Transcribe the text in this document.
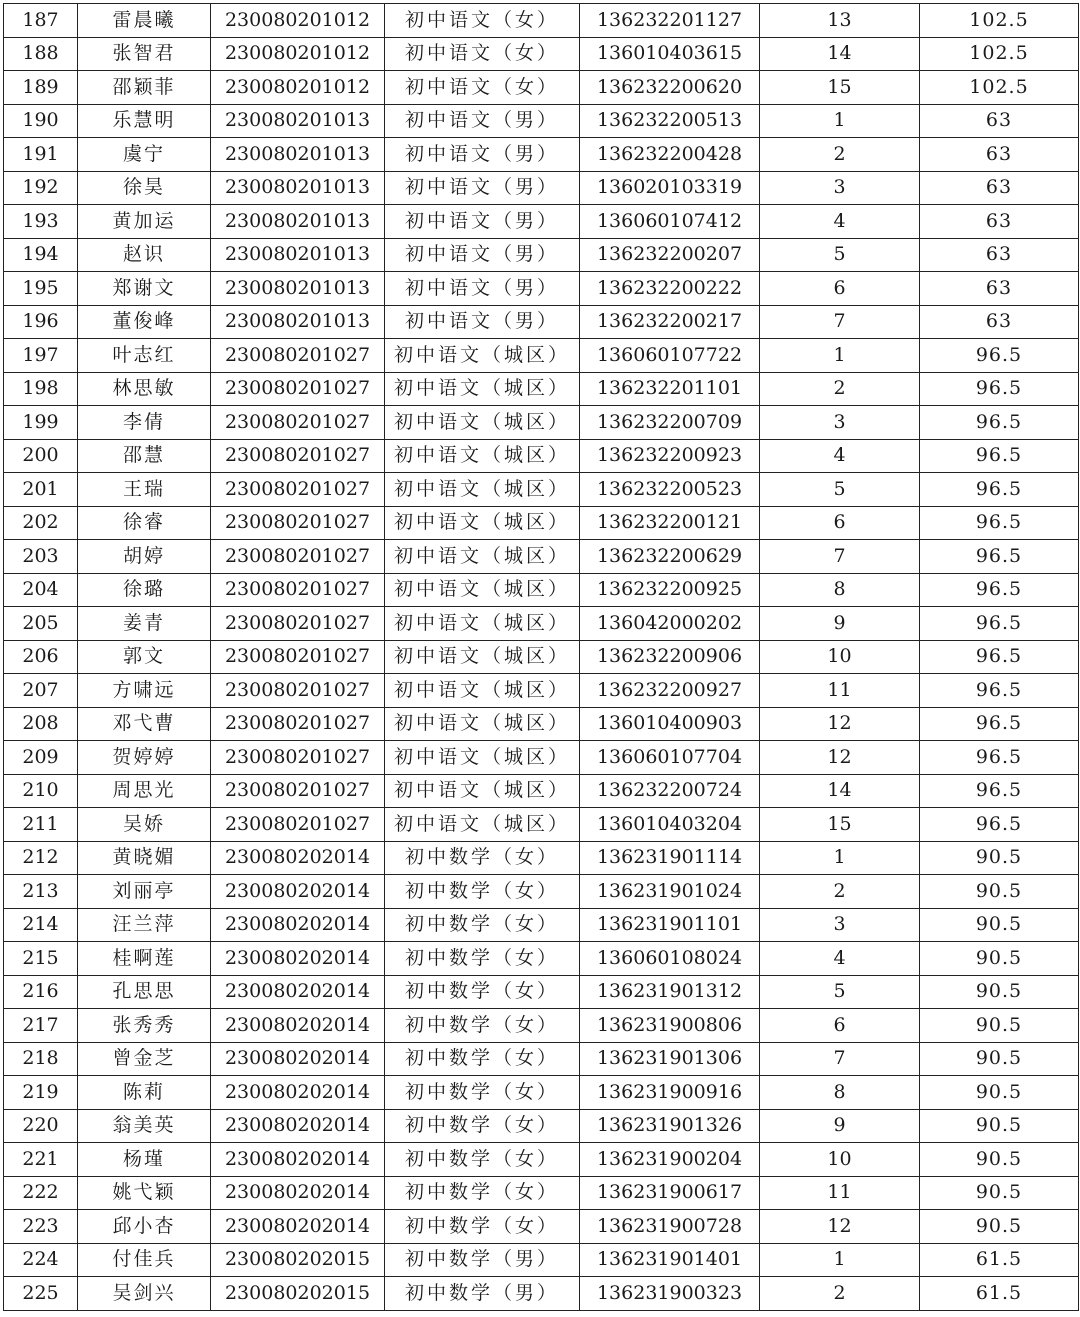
187	雷晨曦	230080201012	初中语文（女）	136232201127	13	102.5
188	张智君	230080201012	初中语文（女）	136010403615	14	102.5
189	邵颖菲	230080201012	初中语文（女）	136232200620	15	102.5
190	乐慧明	230080201013	初中语文（男）	136232200513	1	63
191	虞宁	230080201013	初中语文（男）	136232200428	2	63
192	徐昊	230080201013	初中语文（男）	136020103319	3	63
193	黄加运	230080201013	初中语文（男）	136060107412	4	63
194	赵识	230080201013	初中语文（男）	136232200207	5	63
195	郑谢文	230080201013	初中语文（男）	136232200222	6	63
196	董俊峰	230080201013	初中语文（男）	136232200217	7	63
197	叶志红	230080201027	初中语文（城区）	136060107722	1	96.5
198	林思敏	230080201027	初中语文（城区）	136232201101	2	96.5
199	李倩	230080201027	初中语文（城区）	136232200709	3	96.5
200	邵慧	230080201027	初中语文（城区）	136232200923	4	96.5
201	王瑞	230080201027	初中语文（城区）	136232200523	5	96.5
202	徐睿	230080201027	初中语文（城区）	136232200121	6	96.5
203	胡婷	230080201027	初中语文（城区）	136232200629	7	96.5
204	徐璐	230080201027	初中语文（城区）	136232200925	8	96.5
205	姜青	230080201027	初中语文（城区）	136042000202	9	96.5
206	郭文	230080201027	初中语文（城区）	136232200906	10	96.5
207	方啸远	230080201027	初中语文（城区）	136232200927	11	96.5
208	邓弋曹	230080201027	初中语文（城区）	136010400903	12	96.5
209	贺婷婷	230080201027	初中语文（城区）	136060107704	12	96.5
210	周思光	230080201027	初中语文（城区）	136232200724	14	96.5
211	吴娇	230080201027	初中语文（城区）	136010403204	15	96.5
212	黄晓媚	230080202014	初中数学（女）	136231901114	1	90.5
213	刘丽亭	230080202014	初中数学（女）	136231901024	2	90.5
214	汪兰萍	230080202014	初中数学（女）	136231901101	3	90.5
215	桂啊莲	230080202014	初中数学（女）	136060108024	4	90.5
216	孔思思	230080202014	初中数学（女）	136231901312	5	90.5
217	张秀秀	230080202014	初中数学（女）	136231900806	6	90.5
218	曾金芝	230080202014	初中数学（女）	136231901306	7	90.5
219	陈莉	230080202014	初中数学（女）	136231900916	8	90.5
220	翁美英	230080202014	初中数学（女）	136231901326	9	90.5
221	杨瑾	230080202014	初中数学（女）	136231900204	10	90.5
222	姚弋颖	230080202014	初中数学（女）	136231900617	11	90.5
223	邱小杏	230080202014	初中数学（女）	136231900728	12	90.5
224	付佳兵	230080202015	初中数学（男）	136231901401	1	61.5
225	吴剑兴	230080202015	初中数学（男）	136231900323	2	61.5
